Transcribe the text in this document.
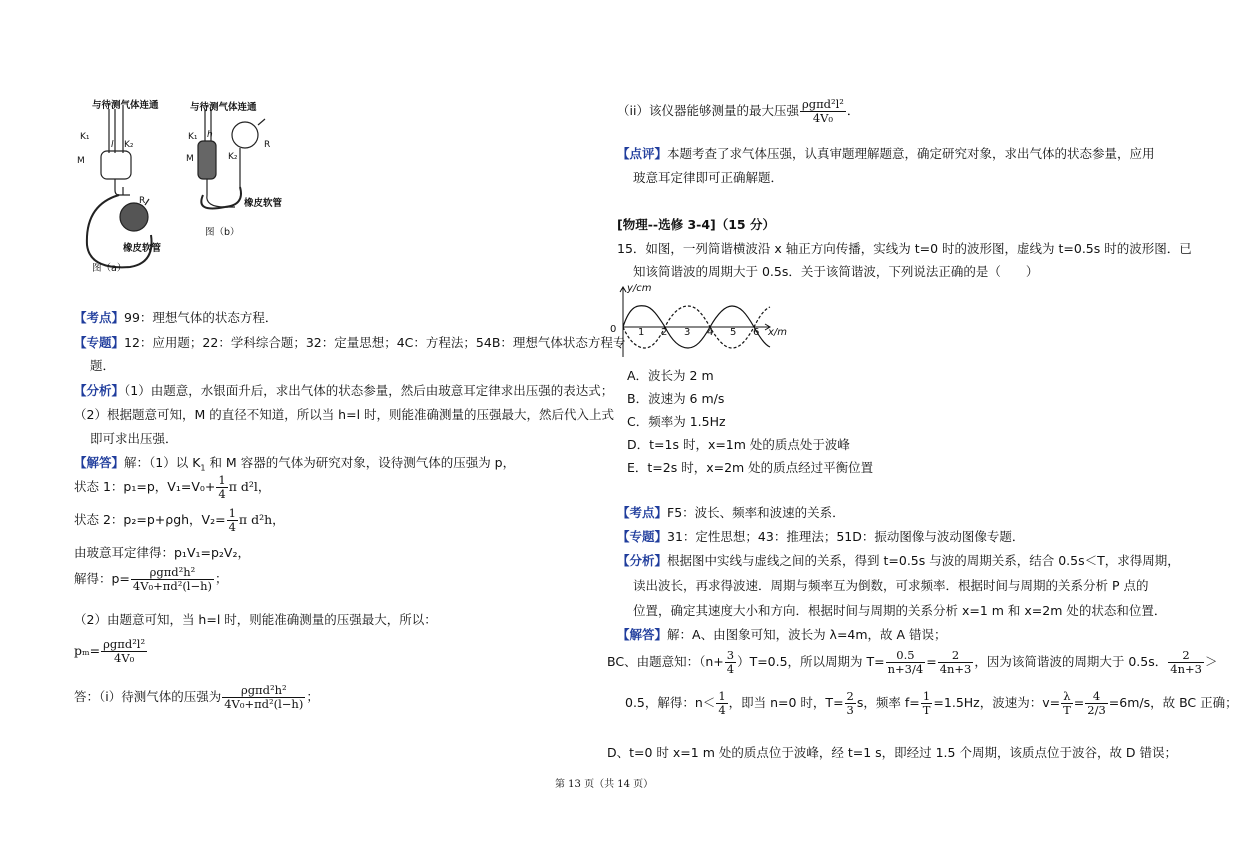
与待测气体连通	与待测气体连通
K₁
l K₂
M
R
橡皮软管
图（a）
K₁ h
M	K₂
R
橡皮软管
图（b）
【考点】99：理想气体的状态方程．
【专题】12：应用题；22：学科综合题；32：定量思想；4C：方程法；54B：理想气体状态方程专
题．
【分析】（1）由题意，水银面升后，求出气体的状态参量，然后由玻意耳定律求出压强的表达式；
（2）根据题意可知，M 的直径不知道，所以当 h=l 时，则能准确测量的压强最大，然后代入上式
即可求出压强．
【解答】解：（1）以 $K_1$ 和 M 容器的气体为研究对象，设待测气体的压强为 p，
状态 1：p₁=p，$V_1=V_0+ \frac{1}{4}$ π d²l，
状态 2：p₂=p+ρgh，$V_2= \frac{1}{4}$ π d²h，
由玻意耳定律得：p₁V₁=p₂V₂，
解得：p=	ρgπd²h²
4V₀+πd²(l−h) ；
（2）由题意可知，当 h=l 时，则能准确测量的压强最大，所以：
pₘ= ρgπd²l²
4V₀
答：（i）待测气体的压强为	ρgπd²h²
4V₀+πd²(l−h) ；
（ii）该仪器能够测量的最大压强 ρgπd²l²
4V₀	．
【点评】本题考查了求气体压强，认真审题理解题意，确定研究对象，求出气体的状态参量，应用
玻意耳定律即可正确解题．
[物理--选修 3-4]（15 分）
15．如图，一列简谐横波沿 x 轴正方向传播，实线为 t=0 时的波形图，虚线为 t=0.5s 时的波形图．已
知该简谐波的周期大于 0.5s．关于该简谐波，下列说法正确的是（　　）
y/cm
0	x/m
1 2 3 4 5 6
A．波长为 2 m
B．波速为 6 m/s
C．频率为 1.5Hz
D．t=1s 时，x=1m 处的质点处于波峰
E．t=2s 时，x=2m 处的质点经过平衡位置
【考点】F5：波长、频率和波速的关系．
【专题】31：定性思想；43：推理法；51D：振动图像与波动图像专题．
【分析】根据图中实线与虚线之间的关系，得到 t=0.5s 与波的周期关系，结合 0.5s＜T，求得周期，
读出波长，再求得波速．周期与频率互为倒数，可求频率．根据时间与周期的关系分析 P 点的
位置，确定其速度大小和方向．根据时间与周期的关系分析 x=1 m 和 x=2m 处的状态和位置．
【解答】解：A、由图象可知，波长为 λ=4m，故 A 错误；
BC、由题意知：$(n+ \frac{3}{4} )T=0.5$，所以周期为 $T= \frac{0.5}{n+3/4} = \frac{2}{4n+3}$ ，因为该简谐波的周期大于 0.5s． $\frac{2}{4n+3}$ ＞
0.5，解得：$n< \frac{1}{4}$ ，即当 n=0 时，$T= \frac{2}{3}$ s，频率 $f= \frac{1}{T} =1.5Hz$，波速为：$v= \frac{\lambda}{T} = \frac{4}{2/3} =6m/s$，故 BC 正确；
D、t=0 时 x=1 m 处的质点位于波峰，经 t=1 s，即经过 1.5 个周期，该质点位于波谷，故 D 错误；
第 13 页（共 14 页）
